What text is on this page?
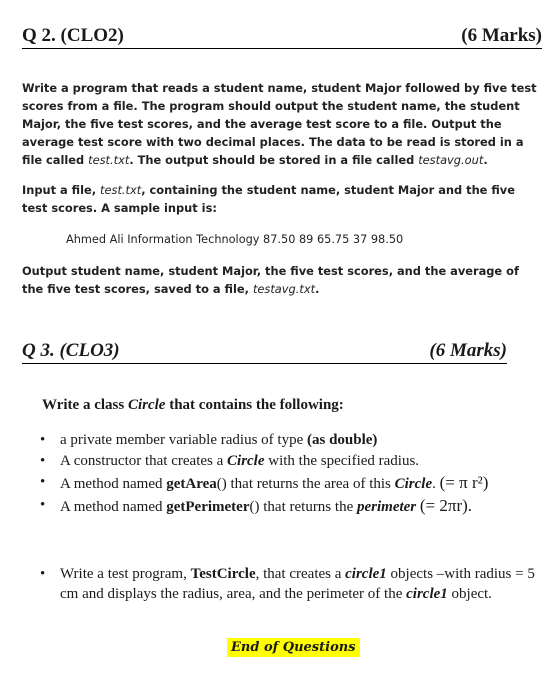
Q 2. (CLO2)	(6 Marks)
Write a program that reads a student name, student Major followed by five test scores from a file. The program should output the student name, the student Major, the five test scores, and the average test score to a file. Output the average test score with two decimal places. The data to be read is stored in a file called test.txt. The output should be stored in a file called testavg.out.
Input a file, test.txt, containing the student name, student Major and the five test scores. A sample input is:
Ahmed Ali Information Technology 87.50 89 65.75 37 98.50
Output student name, student Major, the five test scores, and the average of the five test scores, saved to a file, testavg.txt.
Q 3. (CLO3)	(6 Marks)
Write a class Circle that contains the following:
• a private member variable radius of type (as double)
• A constructor that creates a Circle with the specified radius.
• A method named getArea() that returns the area of this Circle. (= π r²)
• A method named getPerimeter() that returns the perimeter (= 2πr).
• Write a test program, TestCircle, that creates a circle1 objects –with radius = 5 cm and displays the radius, area, and the perimeter of the circle1 object.
End of Questions
